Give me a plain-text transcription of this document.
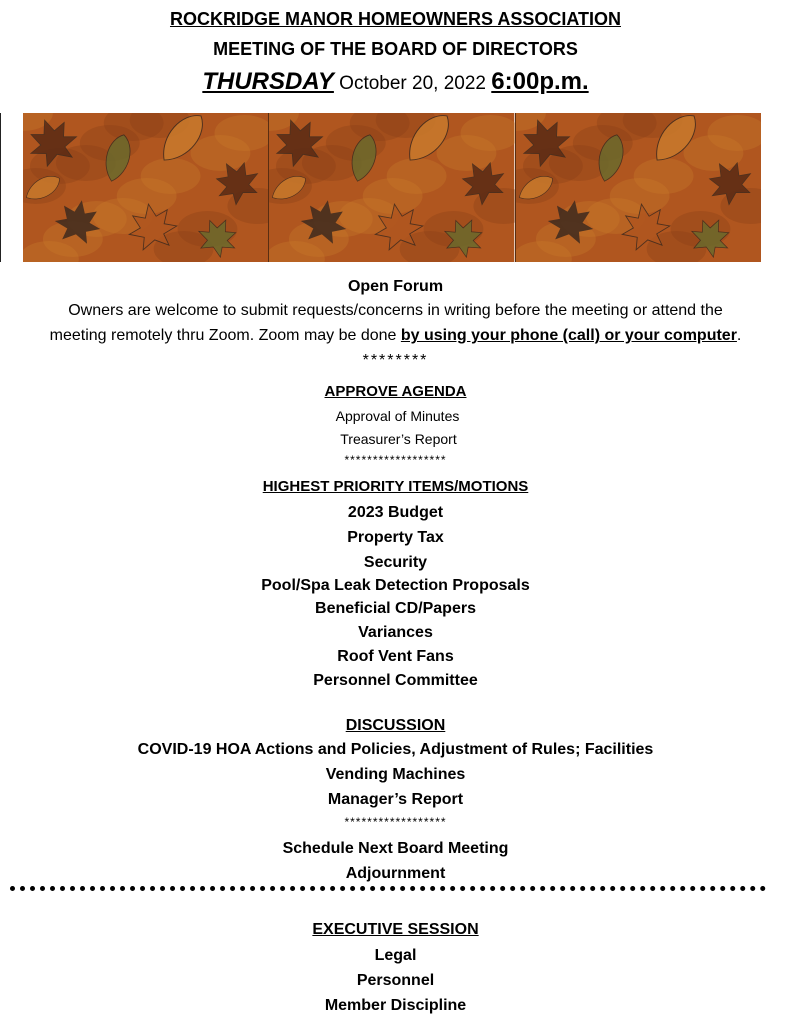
ROCKRIDGE MANOR HOMEOWNERS ASSOCIATION
MEETING OF THE BOARD OF DIRECTORS
THURSDAY October 20, 2022 6:00p.m.
Open Forum
Owners are welcome to submit requests/concerns in writing before the meeting or attend the
meeting remotely thru Zoom. Zoom may be done by using your phone (call) or your computer.
********
APPROVE AGENDA
Approval of Minutes
Treasurer’s Report
******************
HIGHEST PRIORITY ITEMS/MOTIONS
2023 Budget
Property Tax
Security
Pool/Spa Leak Detection Proposals
Beneficial CD/Papers
Variances
Roof Vent Fans
Personnel Committee
DISCUSSION
COVID-19 HOA Actions and Policies, Adjustment of Rules; Facilities
Vending Machines
Manager’s Report
******************
Schedule Next Board Meeting
Adjournment
EXECUTIVE SESSION
Legal
Personnel
Member Discipline
